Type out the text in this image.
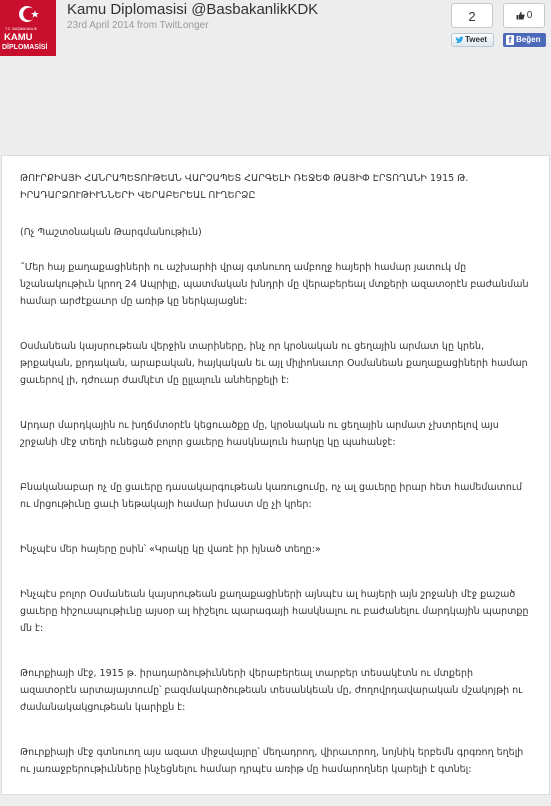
T.C. BAŞBAKANLIK
KAMU
DİPLOMASİSİ
Kamu Diplomasisi @BasbakanlikKDK
23rd April 2014 from TwitLonger
2
Tweet
0
f Beğen

ԹՈՒՐՔԻԱՅԻ ՀԱՆՐԱՊԵՏՈՒԹԵԱՆ ՎԱՐՉԱՊԵՏ ՀԱՐԳԵԼԻ ՌԵՋԵՓ ԹԱՅԻՓ ԷՐՏՈՂԱՆԻ 1915 Թ. ԻՐԱԴԱՐՁՈՒԹԻՒՆՆԵՐԻ ՎԵՐԱԲԵՐԵԱԼ ՈՒՂԵՐՁԸ

(Ոչ Պաշտօնական Թարգմանութիւն)

˝Մեր հայ քաղաքացիների ու աշխարհի վրայ գտնուող ամբողջ հայերի համար յատուկ մը նշանակութիւն կրող 24 Ապրիլը, պատմական խնդրի մը վերաբերեալ մտքերի ազատօրէն բաժանման համար արժէքաւոր մը առիթ կը ներկայացնէ:

Օսմանեան կայսրութեան վերջին տարիները, ինչ որ կրօնական ու ցեղային արմատ կը կրեն, թրքական, քրդական, արաբական, հայկական եւ այլ միլիոնաւոր Օսմանեան քաղաքացիների համար ցաւերով լի, դժուար ժամկէտ մը ըլլալուն անհերքելի է:

Արդար մարդկային ու խղճմտօրէն կեցուածքը մը, կրօնական ու ցեղային արմատ չխտրելով այս շրջանի մէջ տեղի ունեցած բոլոր ցաւերը հասկնալուն հարկը կը պահանջէ:

Բնականաբար ոչ մը ցաւերը դասակարգութեան կառուցումը, ոչ ալ ցաւերը իրար հետ համեմատում ու մրցութիւնը ցաւի նեթակայի համար իմաստ մը չի կրեր:

Ինչպէս մեր հայերը ըսին՝ «Կրակը կը վառէ իր իյնած տեղը:»

Ինչպէս բոլոր Օսմանեան կայսրութեան քաղաքացիների այնպէս ալ հայերի այն շրջանի մէջ քաշած ցաւերը հիշուսպութիւնը այսօր ալ հիշելու պարագայի հասկնալու ու բաժանելու մարդկային պարտքը մն է:

Թուրքիայի մէջ, 1915 թ. իրադարձութիւնների վերաբերեալ տարբեր տեսակէտն ու մտքերի ազատօրէն արտայայտումը՝ բազմակարծութեան տեսանկեան մը, ժողովրդավարական մշակոյթի ու ժամանակակցութեան կարիքն է:

Թուրքիայի մէջ գտնուող այս ազատ միջավայրը՝ մեղադրող, վիրաւորող, նոյնիկ երբեմն գրգռող եղելի ու յառաջբերութիւնները ինչեցնելու համար դրպէս առիթ մը համարողներ կարելի է գտնել:
